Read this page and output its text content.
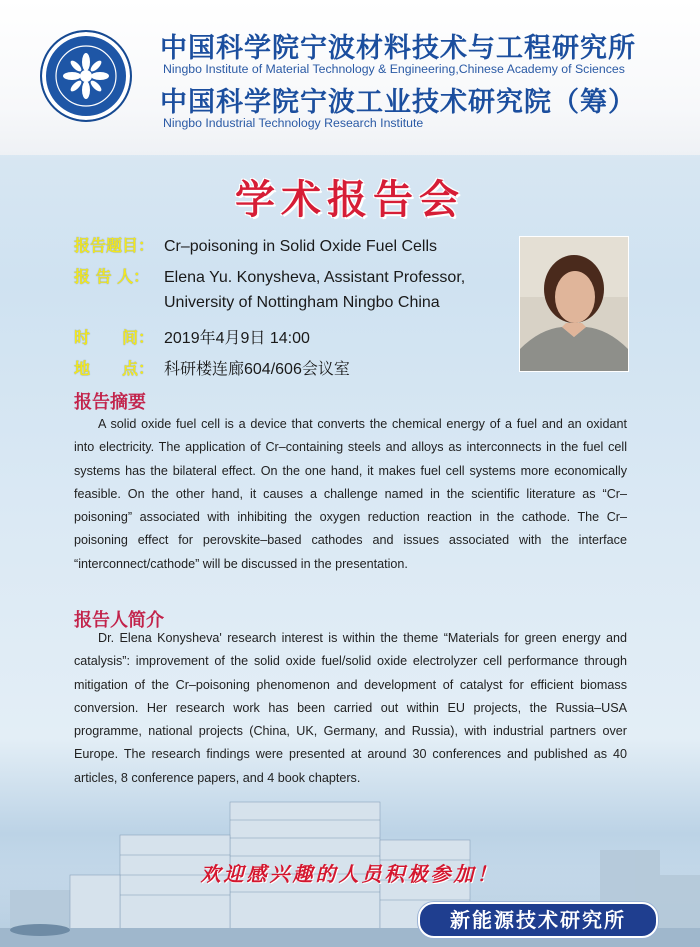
中国科学院宁波材料技术与工程研究所
Ningbo Institute of Material Technology & Engineering,Chinese Academy of Sciences
中国科学院宁波工业技术研究院（筹）
Ningbo Industrial Technology Research Institute
学术报告会
报告题目： Cr–poisoning in Solid Oxide Fuel Cells
报 告 人： Elena Yu. Konysheva, Assistant Professor,
University of Nottingham Ningbo China
时　　间： 2019年4月9日 14:00
地　　点： 科研楼连廊604/606会议室
报告摘要

A solid oxide fuel cell is a device that converts the chemical energy of a fuel and an oxidant into electricity. The application of Cr–containing steels and alloys as interconnects in the fuel cell systems has the bilateral effect. On the one hand, it makes fuel cell systems more economically feasible. On the other hand, it causes a challenge named in the scientific literature as “Cr–poisoning” associated with inhibiting the oxygen reduction reaction in the cathode. The Cr– poisoning effect for perovskite–based cathodes and issues associated with the interface “interconnect/cathode” will be discussed in the presentation.

报告人简介

Dr. Elena Konysheva' research interest is within the theme “Materials for green energy and catalysis”: improvement of the solid oxide fuel/solid oxide electrolyzer cell performance through mitigation of the Cr–poisoning phenomenon and development of catalyst for efficient biomass conversion. Her research work has been carried out within EU projects, the Russia–USA programme, national projects (China, UK, Germany, and Russia), with industrial partners over Europe. The research findings were presented at around 30 conferences and published as 40 articles, 8 conference papers, and 4 book chapters.

欢迎感兴趣的人员积极参加！
新能源技术研究所
